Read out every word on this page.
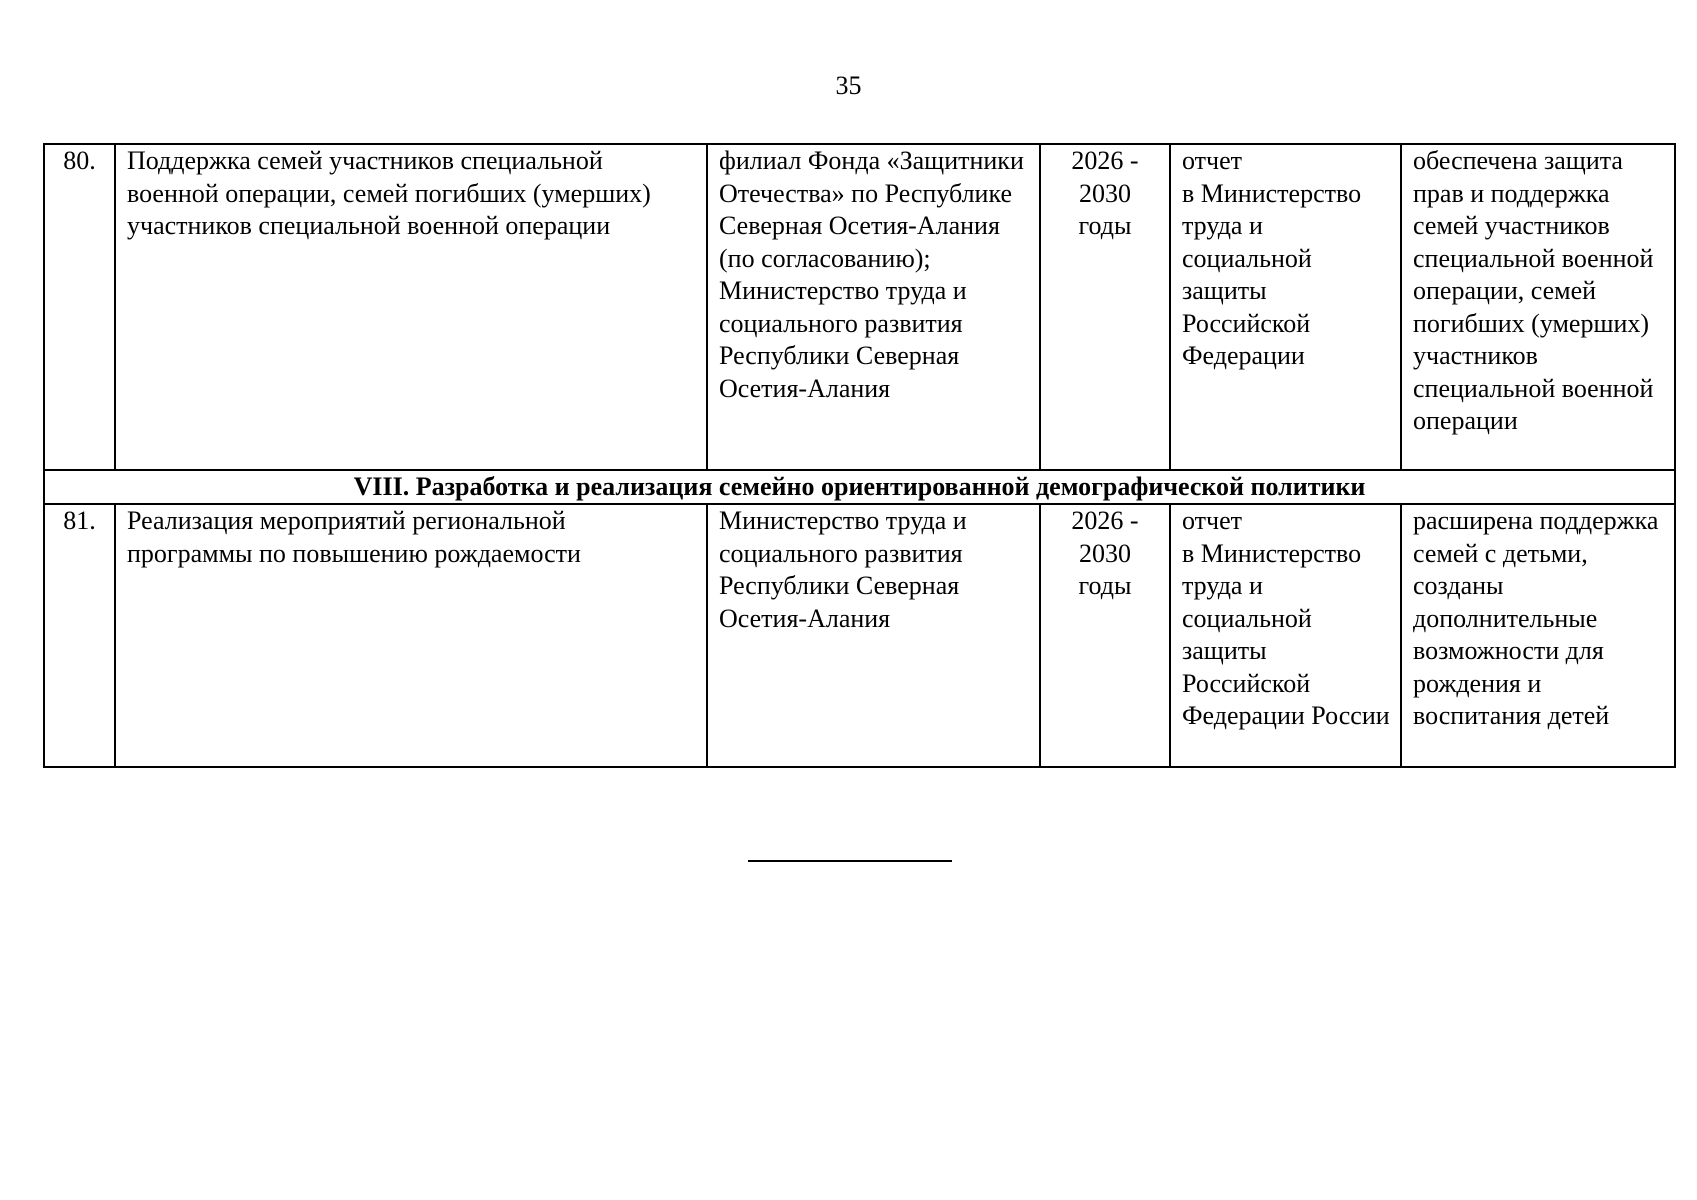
35
80.	Поддержка семей участников специальной военной операции, семей погибших (умерших) участников специальной военной операции	филиал Фонда «Защитники Отечества» по Республике Северная Осетия-Алания (по согласованию);
Министерство труда и социального развития Республики Северная Осетия-Алания	2026 -
2030
годы	отчет
в Министерство труда и социальной защиты Российской Федерации	обеспечена защита прав и поддержка семей участников специальной военной операции, семей погибших (умерших) участников специальной военной операции
VIII. Разработка и реализация семейно ориентированной демографической политики					
81.	Реализация мероприятий региональной программы по повышению рождаемости	Министерство труда и социального развития Республики Северная Осетия-Алания	2026 -
2030
годы	отчет
в Министерство труда и социальной защиты Российской Федерации России	расширена поддержка семей с детьми, созданы дополнительные возможности для рождения и воспитания детей
